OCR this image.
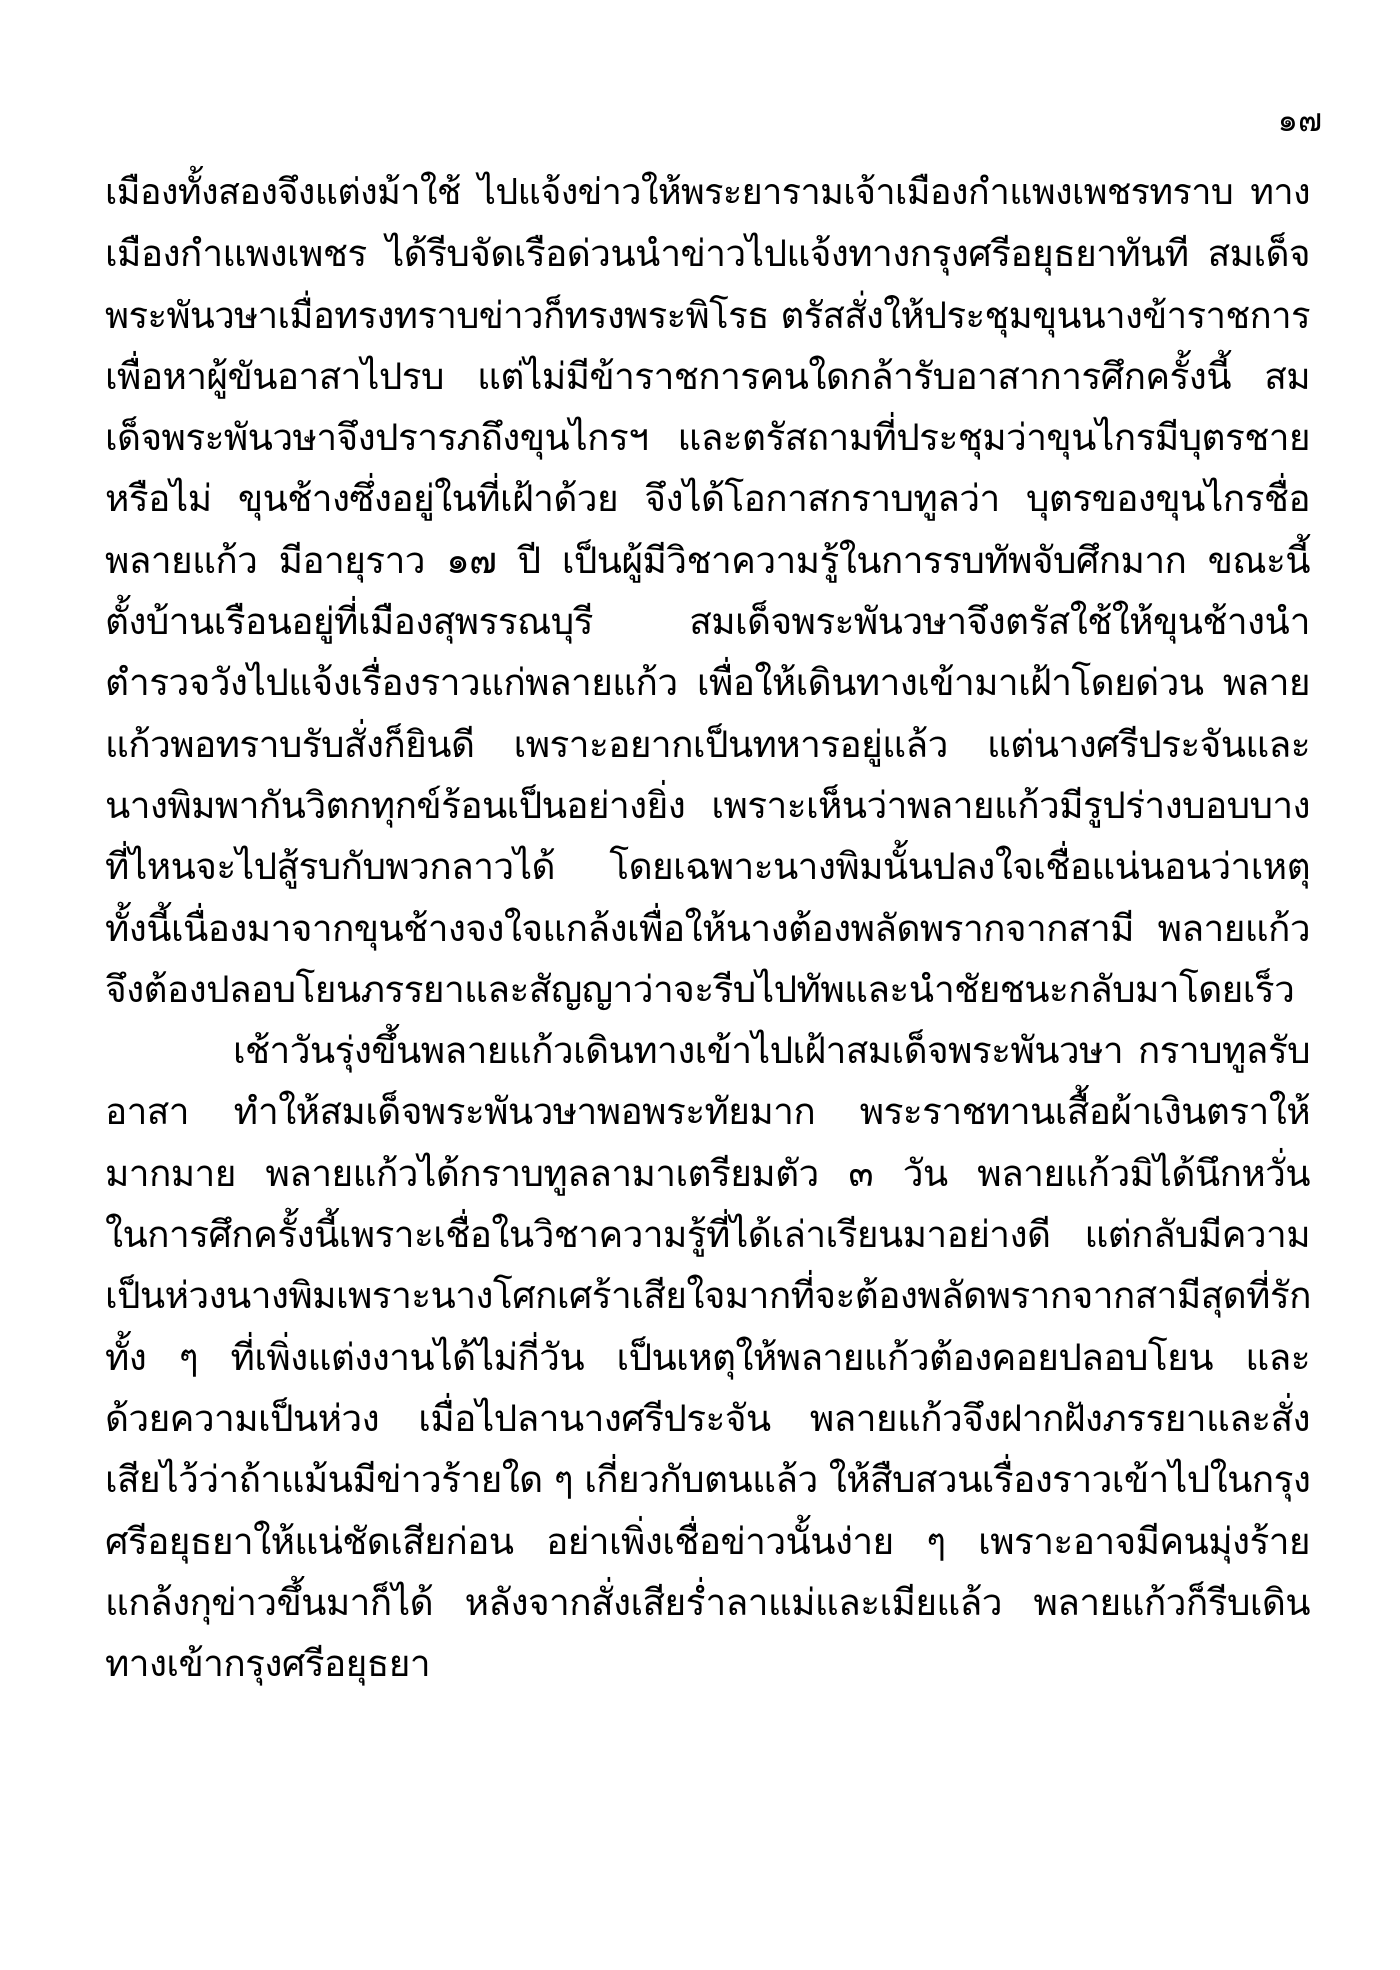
๑๗
เมืองทั้งสองจึงแต่งม้าใช้ ไปแจ้งข่าวให้พระยารามเจ้าเมืองกำแพงเพชรทราบ ทาง
เมืองกำแพงเพชร ได้รีบจัดเรือด่วนนำข่าวไปแจ้งทางกรุงศรีอยุธยาทันที สมเด็จ
พระพันวษาเมื่อทรงทราบข่าวก็ทรงพระพิโรธ ตรัสสั่งให้ประชุมขุนนางข้าราชการ
เพื่อหาผู้ขันอาสาไปรบ แต่ไม่มีข้าราชการคนใดกล้ารับอาสาการศึกครั้งนี้ สม
เด็จพระพันวษาจึงปรารภถึงขุนไกรฯ และตรัสถามที่ประชุมว่าขุนไกรมีบุตรชาย
หรือไม่ ขุนช้างซึ่งอยู่ในที่เฝ้าด้วย จึงได้โอกาสกราบทูลว่า บุตรของขุนไกรชื่อ
พลายแก้ว มีอายุราว ๑๗ ปี เป็นผู้มีวิชาความรู้ในการรบทัพจับศึกมาก ขณะนี้
ตั้งบ้านเรือนอยู่ที่เมืองสุพรรณบุรี สมเด็จพระพันวษาจึงตรัสใช้ให้ขุนช้างนำ
ตำรวจวังไปแจ้งเรื่องราวแก่พลายแก้ว เพื่อให้เดินทางเข้ามาเฝ้าโดยด่วน พลาย
แก้วพอทราบรับสั่งก็ยินดี เพราะอยากเป็นทหารอยู่แล้ว แต่นางศรีประจันและ
นางพิมพากันวิตกทุกข์ร้อนเป็นอย่างยิ่ง เพราะเห็นว่าพลายแก้วมีรูปร่างบอบบาง
ที่ไหนจะไปสู้รบกับพวกลาวได้ โดยเฉพาะนางพิมนั้นปลงใจเชื่อแน่นอนว่าเหตุ
ทั้งนี้เนื่องมาจากขุนช้างจงใจแกล้งเพื่อให้นางต้องพลัดพรากจากสามี พลายแก้ว
จึงต้องปลอบโยนภรรยาและสัญญาว่าจะรีบไปทัพและนำชัยชนะกลับมาโดยเร็ว
เช้าวันรุ่งขึ้นพลายแก้วเดินทางเข้าไปเฝ้าสมเด็จพระพันวษา กราบทูลรับ
อาสา ทำให้สมเด็จพระพันวษาพอพระทัยมาก พระราชทานเสื้อผ้าเงินตราให้
มากมาย พลายแก้วได้กราบทูลลามาเตรียมตัว ๓ วัน พลายแก้วมิได้นึกหวั่น
ในการศึกครั้งนี้เพราะเชื่อในวิชาความรู้ที่ได้เล่าเรียนมาอย่างดี แต่กลับมีความ
เป็นห่วงนางพิมเพราะนางโศกเศร้าเสียใจมากที่จะต้องพลัดพรากจากสามีสุดที่รัก
ทั้ง ๆ ที่เพิ่งแต่งงานได้ไม่กี่วัน เป็นเหตุให้พลายแก้วต้องคอยปลอบโยน และ
ด้วยความเป็นห่วง เมื่อไปลานางศรีประจัน พลายแก้วจึงฝากฝังภรรยาและสั่ง
เสียไว้ว่าถ้าแม้นมีข่าวร้ายใด ๆ เกี่ยวกับตนแล้ว ให้สืบสวนเรื่องราวเข้าไปในกรุง
ศรีอยุธยาให้แน่ชัดเสียก่อน อย่าเพิ่งเชื่อข่าวนั้นง่าย ๆ เพราะอาจมีคนมุ่งร้าย
แกล้งกุข่าวขึ้นมาก็ได้ หลังจากสั่งเสียร่ำลาแม่และเมียแล้ว พลายแก้วก็รีบเดิน
ทางเข้ากรุงศรีอยุธยา
